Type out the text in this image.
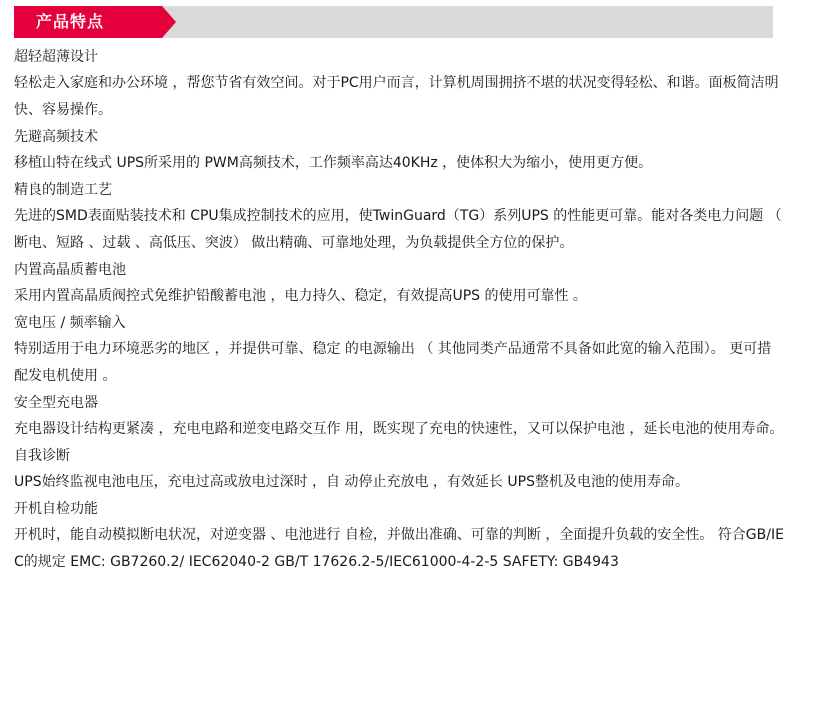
产品特点

超轻超薄设计

轻松走入家庭和办公环境 ，帮您节省有效空间。对于PC用户而言，计算机周围拥挤不堪的状况变得轻松、和谐。面板简洁明快、容易操作。

先避高频技术

移植山特在线式 UPS所采用的 PWM高频技术，工作频率高达40KHz ，使体积大为缩小，使用更方便。

精良的制造工艺

先进的SMD表面贴装技术和 CPU集成控制技术的应用，使TwinGuard（TG）系列UPS 的性能更可靠。能对各类电力问题 （ 断电、短路 、过载 、高低压、突波） 做出精确、可靠地处理，为负载提供全方位的保护。

内置高晶质蓄电池

采用内置高晶质阀控式免维护铅酸蓄电池 ，电力持久、稳定，有效提高UPS 的使用可靠性 。

宽电压 / 频率输入

特别适用于电力环境恶劣的地区 ，并提供可靠、稳定 的电源输出 （ 其他同类产品通常不具备如此宽的输入范围）。 更可措配发电机使用 。

安全型充电器

充电器设计结构更紧凑 ，充电电路和逆变电路交互作 用，既实现了充电的快速性，又可以保护电池 ，延长电池的使用寿命。

自我诊断

UPS始终监视电池电压，充电过高或放电过深时 ，自 动停止充放电 ，有效延长 UPS整机及电池的使用寿命。

开机自检功能

开机时，能自动模拟断电状况，对逆变器 、电池进行 自检，并做出准确、可靠的判断 ，全面提升负载的安全性。 符合GB/IEC的规定 EMC: GB7260.2/ IEC62040-2 GB/T 17626.2-5/IEC61000-4-2-5 SAFETY: GB4943
